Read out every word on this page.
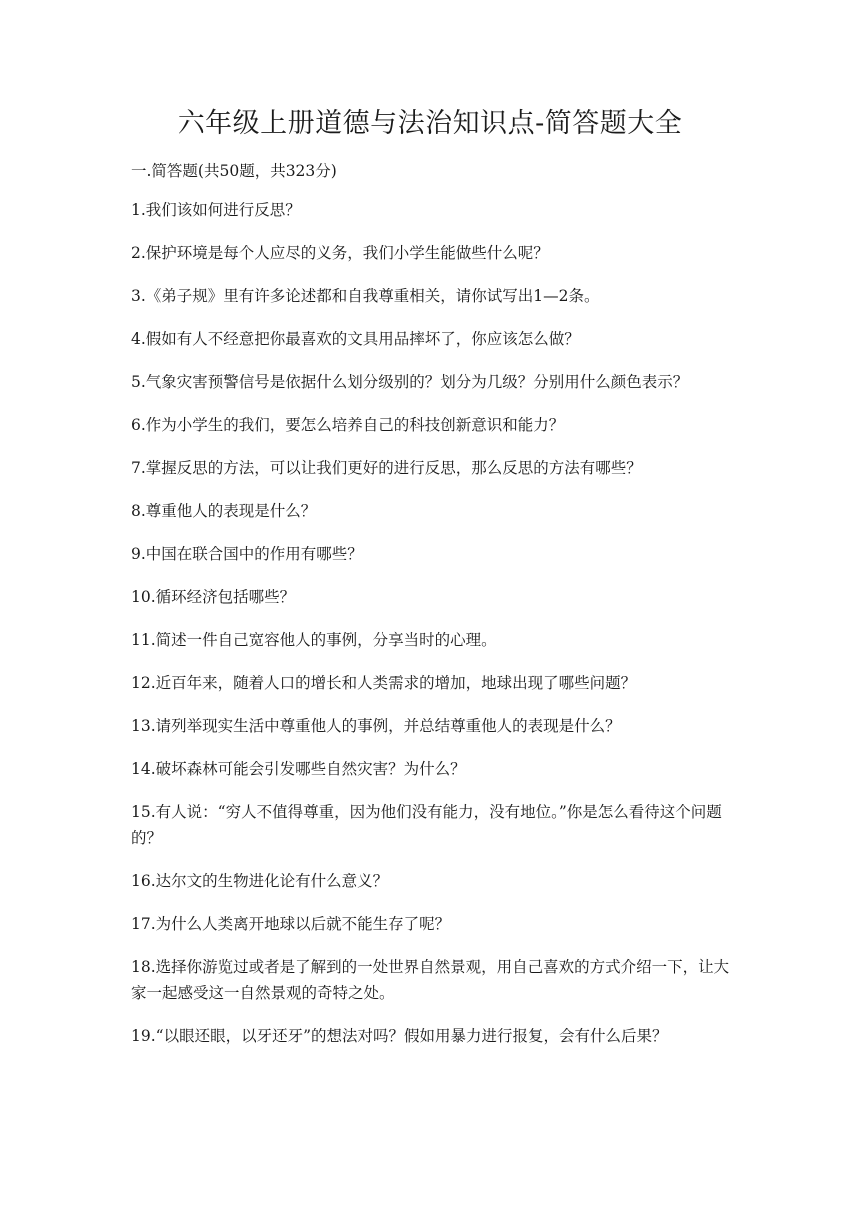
六年级上册道德与法治知识点-简答题大全

一.简答题(共50题，共323分)

1.我们该如何进行反思？
2.保护环境是每个人应尽的义务，我们小学生能做些什么呢？
3.《弟子规》里有许多论述都和自我尊重相关，请你试写出1—2条。
4.假如有人不经意把你最喜欢的文具用品摔坏了，你应该怎么做？
5.气象灾害预警信号是依据什么划分级别的？划分为几级？分别用什么颜色表示？
6.作为小学生的我们，要怎么培养自己的科技创新意识和能力？
7.掌握反思的方法，可以让我们更好的进行反思，那么反思的方法有哪些？
8.尊重他人的表现是什么？
9.中国在联合国中的作用有哪些？
10.循环经济包括哪些？
11.简述一件自己宽容他人的事例，分享当时的心理。
12.近百年来，随着人口的增长和人类需求的增加，地球出现了哪些问题？
13.请列举现实生活中尊重他人的事例，并总结尊重他人的表现是什么？
14.破坏森林可能会引发哪些自然灾害？为什么？
15.有人说：“穷人不值得尊重，因为他们没有能力，没有地位。”你是怎么看待这个问题的？
16.达尔文的生物进化论有什么意义？
17.为什么人类离开地球以后就不能生存了呢？
18.选择你游览过或者是了解到的一处世界自然景观，用自己喜欢的方式介绍一下，让大家一起感受这一自然景观的奇特之处。
19.“以眼还眼，以牙还牙”的想法对吗？假如用暴力进行报复，会有什么后果？
